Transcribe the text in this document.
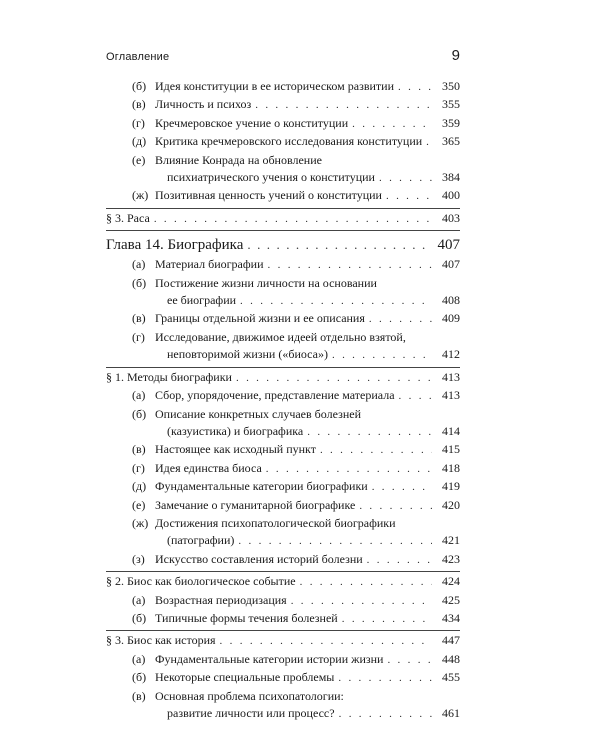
Оглавление	9
(б) Идея конституции в ее историческом развитии . . .	350
(в) Личность и психоз . . .	355
(г) Кречмеровское учение о конституции . . .	359
(д) Критика кречмеровского исследования конституции . . .	365
(е) Влияние Конрада на обновление
психиатрического учения о конституции . . .	384
(ж) Позитивная ценность учений о конституции . . .	400
§ 3. Раса . . .	403
Глава 14. Биографика . . .	407
(а) Материал биографии . . .	407
(б) Постижение жизни личности на основании
ее биографии . . .	408
(в) Границы отдельной жизни и ее описания . . .	409
(г) Исследование, движимое идеей отдельно взятой,
неповторимой жизни («биоса») . . .	412
§ 1. Методы биографики . . .	413
(а) Сбор, упорядочение, представление материала . . .	413
(б) Описание конкретных случаев болезней
(казуистика) и биографика . . .	414
(в) Настоящее как исходный пункт . . .	415
(г) Идея единства биоса . . .	418
(д) Фундаментальные категории биографики . . .	419
(е) Замечание о гуманитарной биографике . . .	420
(ж) Достижения психопатологической биографики
(патографии) . . .	421
(з) Искусство составления историй болезни . . .	423
§ 2. Биос как биологическое событие . . .	424
(а) Возрастная периодизация . . .	425
(б) Типичные формы течения болезней . . .	434
§ 3. Биос как история . . .	447
(а) Фундаментальные категории истории жизни . . .	448
(б) Некоторые специальные проблемы . . .	455
(в) Основная проблема психопатологии:
развитие личности или процесс? . . .	461
